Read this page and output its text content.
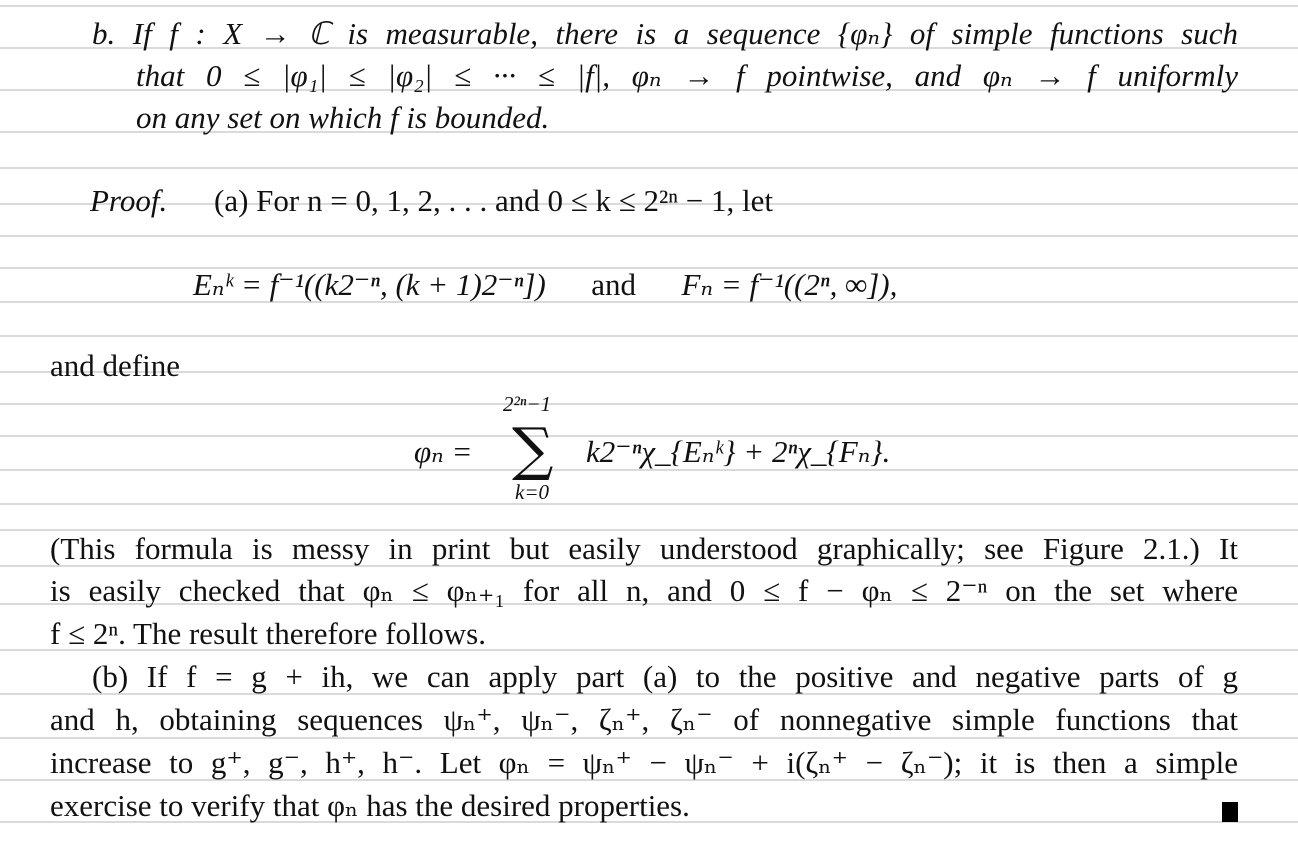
b. If f : X → ℂ is measurable, there is a sequence {φₙ} of simple functions such
that 0 ≤ |φ₁| ≤ |φ₂| ≤ ··· ≤ |f|, φₙ → f pointwise, and φₙ → f uniformly
on any set on which f is bounded.
Proof. (a) For n = 0, 1, 2, . . . and 0 ≤ k ≤ 2²ⁿ − 1, let
Eₙᵏ = f⁻¹((k2⁻ⁿ, (k + 1)2⁻ⁿ]) and Fₙ = f⁻¹((2ⁿ, ∞]),
and define
φₙ =
2²ⁿ−1
∑
k=0
k2⁻ⁿχ_{Eₙᵏ} + 2ⁿχ_{Fₙ}.
(This formula is messy in print but easily understood graphically; see Figure 2.1.) It
is easily checked that φₙ ≤ φₙ₊₁ for all n, and 0 ≤ f − φₙ ≤ 2⁻ⁿ on the set where
f ≤ 2ⁿ. The result therefore follows.
(b) If f = g + ih, we can apply part (a) to the positive and negative parts of g
and h, obtaining sequences ψₙ⁺, ψₙ⁻, ζₙ⁺, ζₙ⁻ of nonnegative simple functions that
increase to g⁺, g⁻, h⁺, h⁻. Let φₙ = ψₙ⁺ − ψₙ⁻ + i(ζₙ⁺ − ζₙ⁻); it is then a simple
exercise to verify that φₙ has the desired properties.
